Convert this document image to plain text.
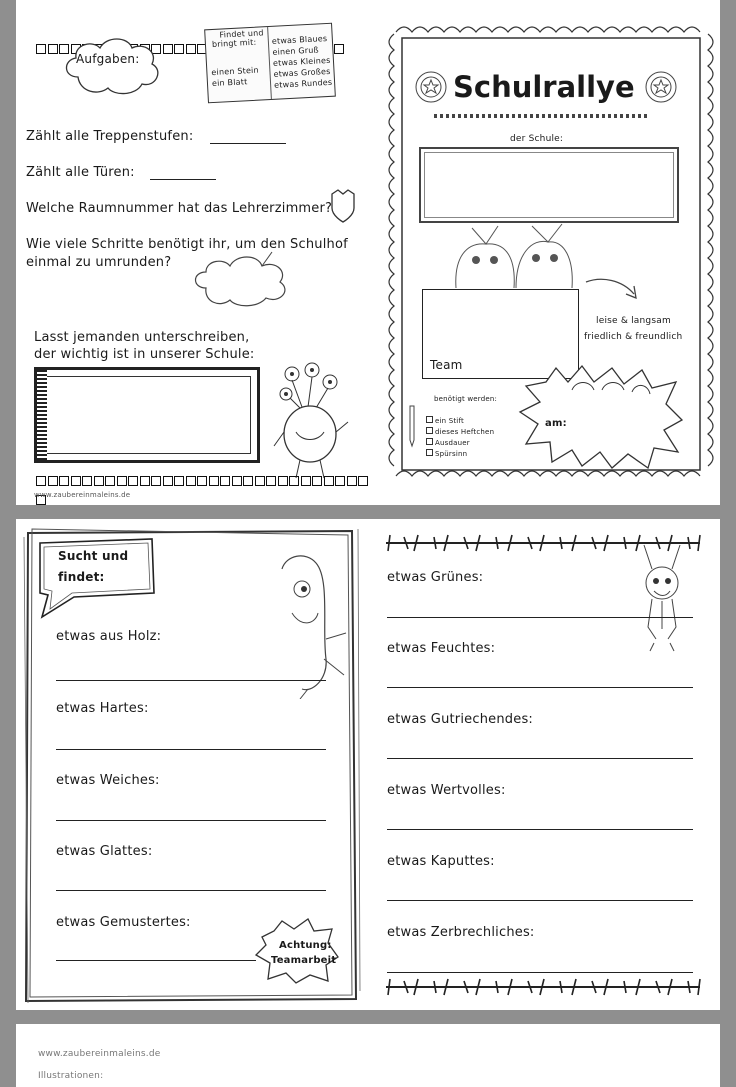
Aufgaben:
Findet und
bringt mit:
einen Stein
ein Blatt
etwas Blaues
einen Gruß
etwas Kleines
etwas Großes
etwas Rundes
Zählt alle Treppenstufen:
Zählt alle Türen:
Welche Raumnummer hat das Lehrerzimmer?
Wie viele Schritte benötigt ihr, um den Schulhof
einmal zu umrunden?
Lasst jemanden unterschreiben,
der wichtig ist in unserer Schule:
www.zaubereinmaleins.de
Schulrallye
der Schule:
Team
leise & langsam
friedlich & freundlich
am:
benötigt werden:
ein Stift
dieses Heftchen
Ausdauer
Spürsinn
Sucht und
findet:
etwas aus Holz:
etwas Hartes:
etwas Weiches:
etwas Glattes:
etwas Gemustertes:
Achtung:
Teamarbeit
etwas Grünes:
etwas Feuchtes:
etwas Gutriechendes:
etwas Wertvolles:
etwas Kaputtes:
etwas Zerbrechliches:
www.zaubereinmaleins.de
Illustrationen:
